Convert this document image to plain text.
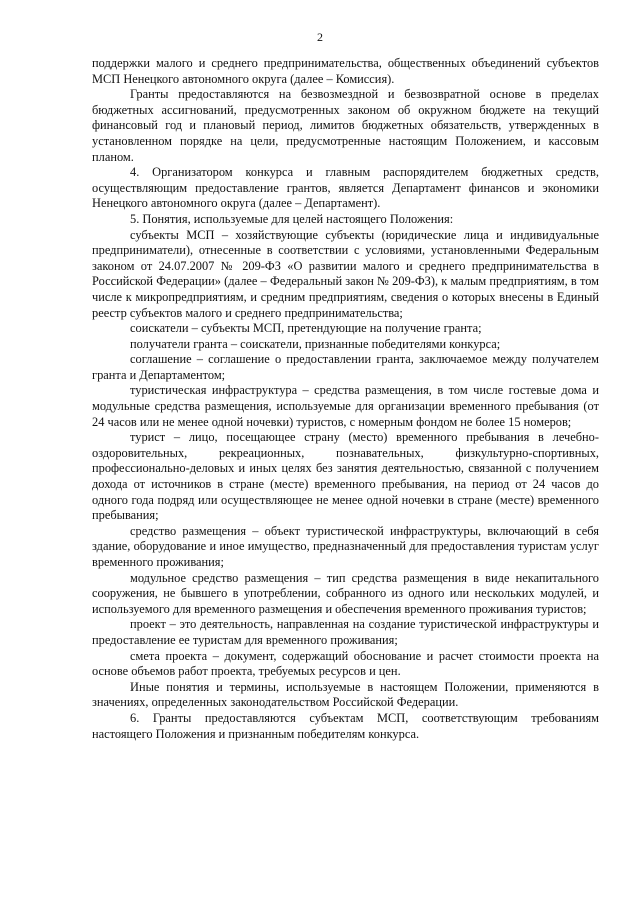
2

поддержки малого и среднего предпринимательства, общественных объединений субъектов МСП Ненецкого автономного округа (далее – Комиссия).

Гранты предоставляются на безвозмездной и безвозвратной основе в пределах бюджетных ассигнований, предусмотренных законом об окружном бюджете на текущий финансовый год и плановый период, лимитов бюджетных обязательств, утвержденных в установленном порядке на цели, предусмотренные настоящим Положением, и кассовым планом.

4. Организатором конкурса и главным распорядителем бюджетных средств, осуществляющим предоставление грантов, является Департамент финансов и экономики Ненецкого автономного округа (далее – Департамент).

5. Понятия, используемые для целей настоящего Положения:

субъекты МСП – хозяйствующие субъекты (юридические лица и индивидуальные предприниматели), отнесенные в соответствии с условиями, установленными Федеральным законом от 24.07.2007 № 209-ФЗ «О развитии малого и среднего предпринимательства в Российской Федерации» (далее – Федеральный закон № 209-ФЗ), к малым предприятиям, в том числе к микропредприятиям, и средним предприятиям, сведения о которых внесены в Единый реестр субъектов малого и среднего предпринимательства;

соискатели – субъекты МСП, претендующие на получение гранта;

получатели гранта – соискатели, признанные победителями конкурса;

соглашение – соглашение о предоставлении гранта, заключаемое между получателем гранта и Департаментом;

туристическая инфраструктура – средства размещения, в том числе гостевые дома и модульные средства размещения, используемые для организации временного пребывания (от 24 часов или не менее одной ночевки) туристов, с номерным фондом не более 15 номеров;

турист – лицо, посещающее страну (место) временного пребывания в лечебно-оздоровительных, рекреационных, познавательных, физкультурно-спортивных, профессионально-деловых и иных целях без занятия деятельностью, связанной с получением дохода от источников в стране (месте) временного пребывания, на период от 24 часов до одного года подряд или осуществляющее не менее одной ночевки в стране (месте) временного пребывания;

средство размещения – объект туристической инфраструктуры, включающий в себя здание, оборудование и иное имущество, предназначенный для предоставления туристам услуг временного проживания;

модульное средство размещения – тип средства размещения в виде некапитального сооружения, не бывшего в употреблении, собранного из одного или нескольких модулей, и используемого для временного размещения и обеспечения временного проживания туристов;

проект – это деятельность, направленная на создание туристической инфраструктуры и предоставление ее туристам для временного проживания;

смета проекта – документ, содержащий обоснование и расчет стоимости проекта на основе объемов работ проекта, требуемых ресурсов и цен.

Иные понятия и термины, используемые в настоящем Положении, применяются в значениях, определенных законодательством Российской Федерации.

6. Гранты предоставляются субъектам МСП, соответствующим требованиям настоящего Положения и признанным победителям конкурса.
